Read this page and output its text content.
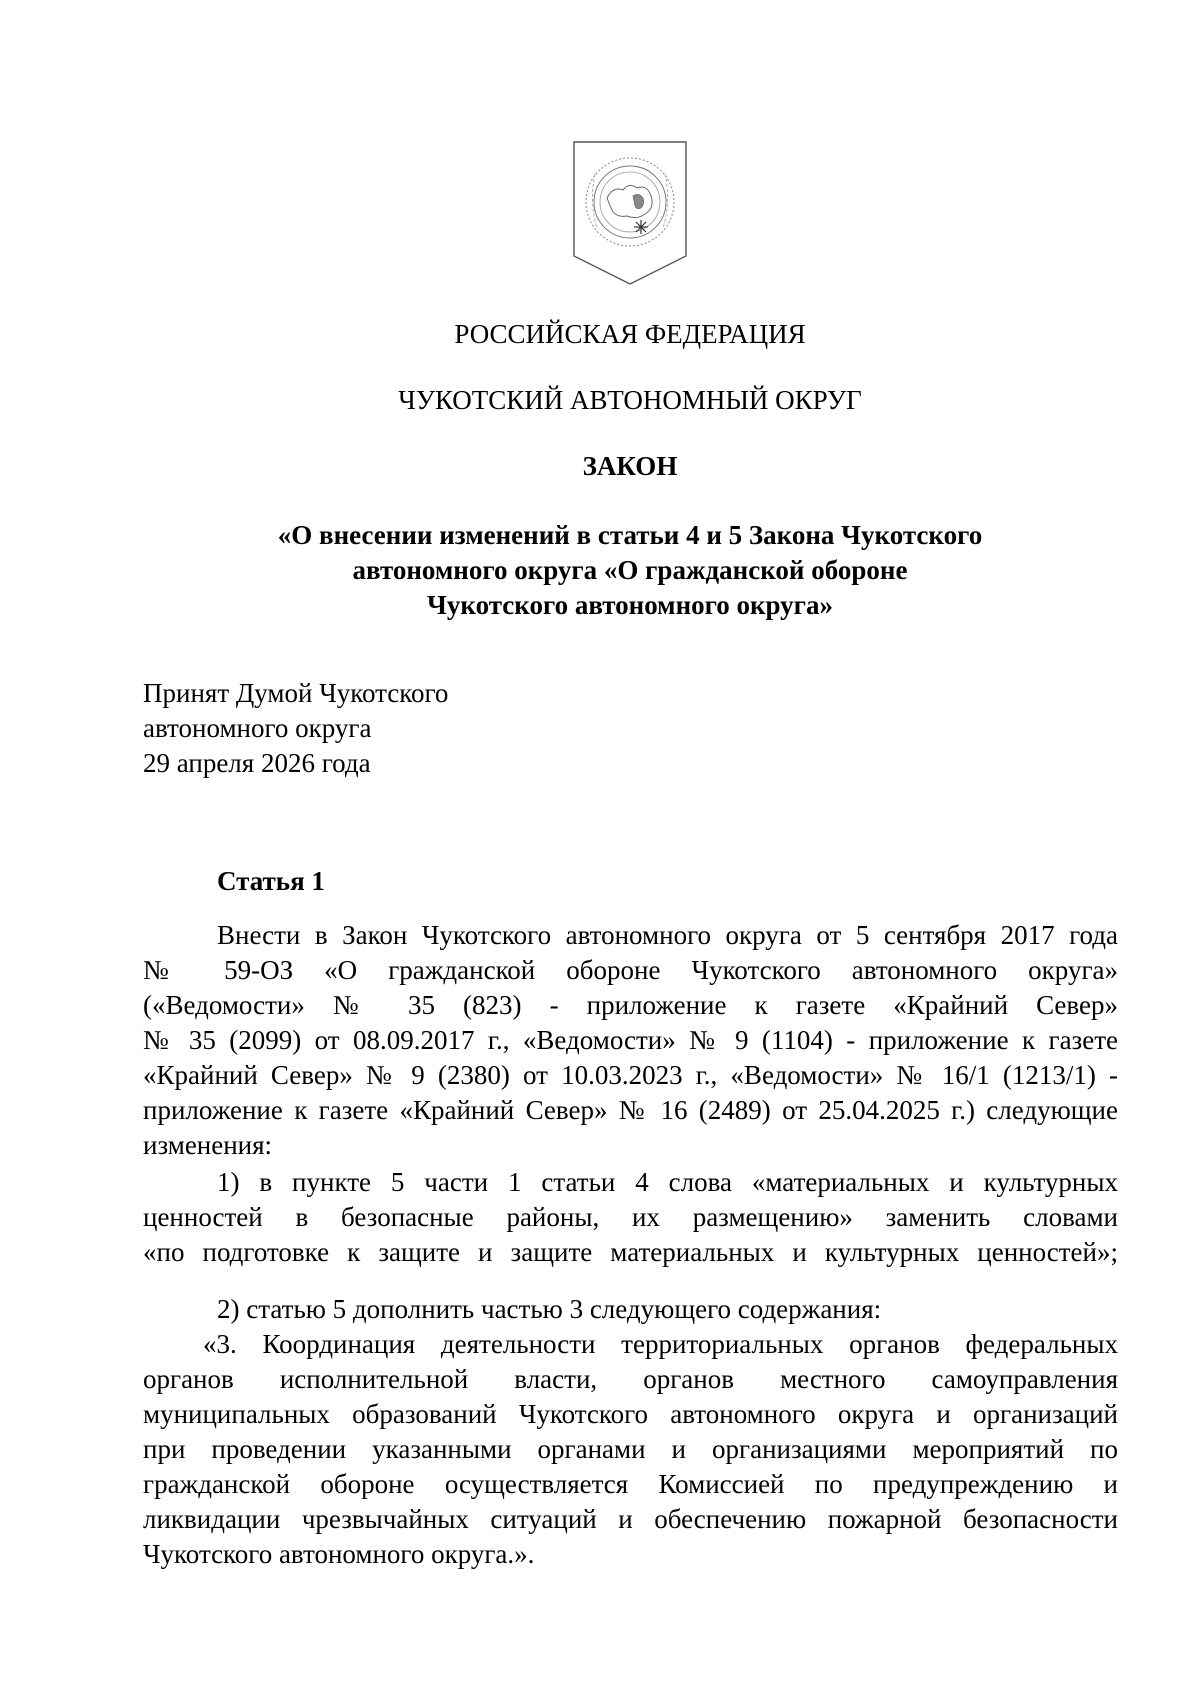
РОССИЙСКАЯ ФЕДЕРАЦИЯ
ЧУКОТСКИЙ АВТОНОМНЫЙ ОКРУГ
ЗАКОН
«О внесении изменений в статьи 4 и 5 Закона Чукотского
автономного округа «О гражданской обороне
Чукотского автономного округа»
Принят Думой Чукотского
автономного округа
29 апреля 2026 года
Статья 1
Внести в Закон Чукотского автономного округа от 5 сентября 2017 года
№ 59-ОЗ «О гражданской обороне Чукотского автономного округа»
(«Ведомости» № 35 (823) - приложение к газете «Крайний Север»
№ 35 (2099) от 08.09.2017 г., «Ведомости» № 9 (1104) - приложение к газете
«Крайний Север» № 9 (2380) от 10.03.2023 г., «Ведомости» № 16/1 (1213/1) -
приложение к газете «Крайний Север» № 16 (2489) от 25.04.2025 г.) следующие
изменения:
1) в пункте 5 части 1 статьи 4 слова «материальных и культурных
ценностей в безопасные районы, их размещению» заменить словами
«по подготовке к защите и защите материальных и культурных ценностей»;
2) статью 5 дополнить частью 3 следующего содержания:
«3. Координация деятельности территориальных органов федеральных
органов исполнительной власти, органов местного самоуправления
муниципальных образований Чукотского автономного округа и организаций
при проведении указанными органами и организациями мероприятий по
гражданской обороне осуществляется Комиссией по предупреждению и
ликвидации чрезвычайных ситуаций и обеспечению пожарной безопасности
Чукотского автономного округа.».
